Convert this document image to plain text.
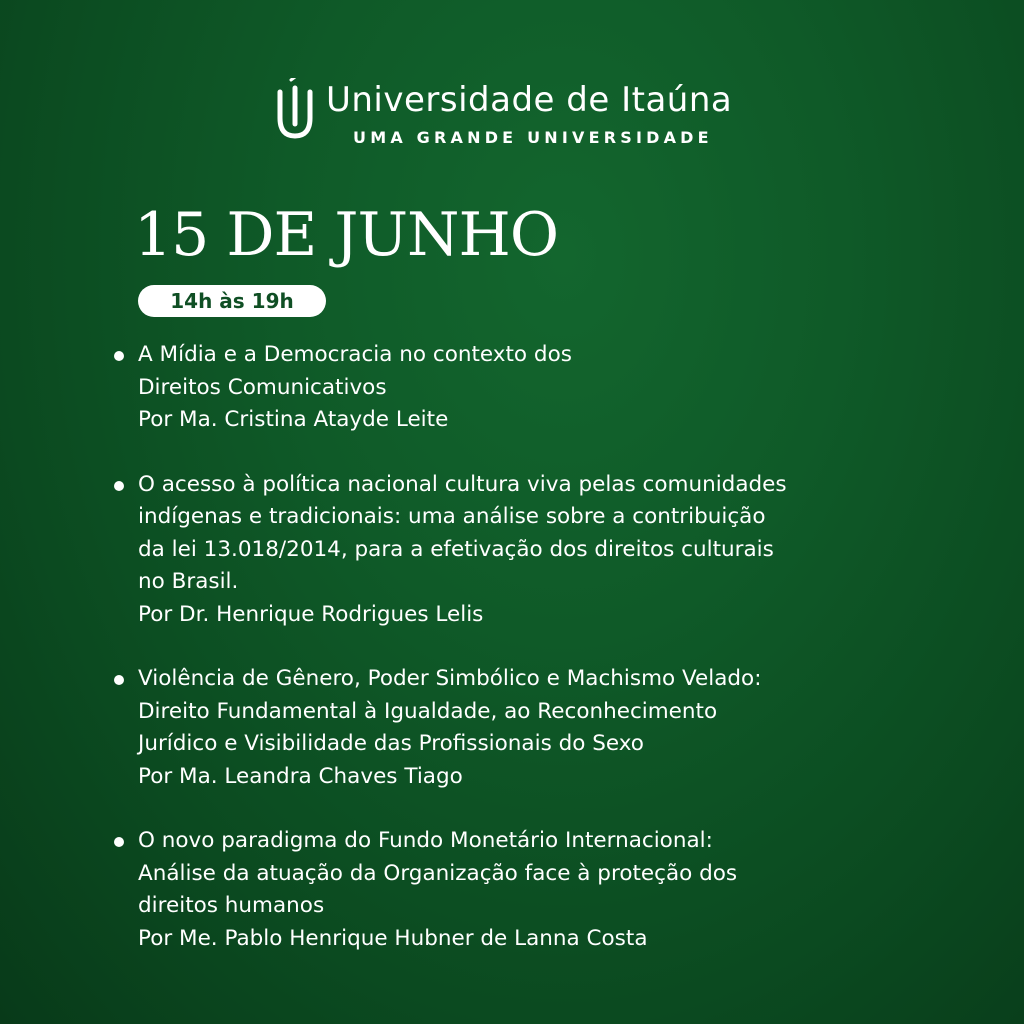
Universidade de Itaúna
UMA GRANDE UNIVERSIDADE
15 DE JUNHO
14h às 19h
A Mídia e a Democracia no contexto dos
Direitos Comunicativos
Por Ma. Cristina Atayde Leite
O acesso à política nacional cultura viva pelas comunidades
indígenas e tradicionais: uma análise sobre a contribuição
da lei 13.018/2014, para a efetivação dos direitos culturais
no Brasil.
Por Dr. Henrique Rodrigues Lelis
Violência de Gênero, Poder Simbólico e Machismo Velado:
Direito Fundamental à Igualdade, ao Reconhecimento
Jurídico e Visibilidade das Profissionais do Sexo
Por Ma. Leandra Chaves Tiago
O novo paradigma do Fundo Monetário Internacional:
Análise da atuação da Organização face à proteção dos
direitos humanos
Por Me. Pablo Henrique Hubner de Lanna Costa
